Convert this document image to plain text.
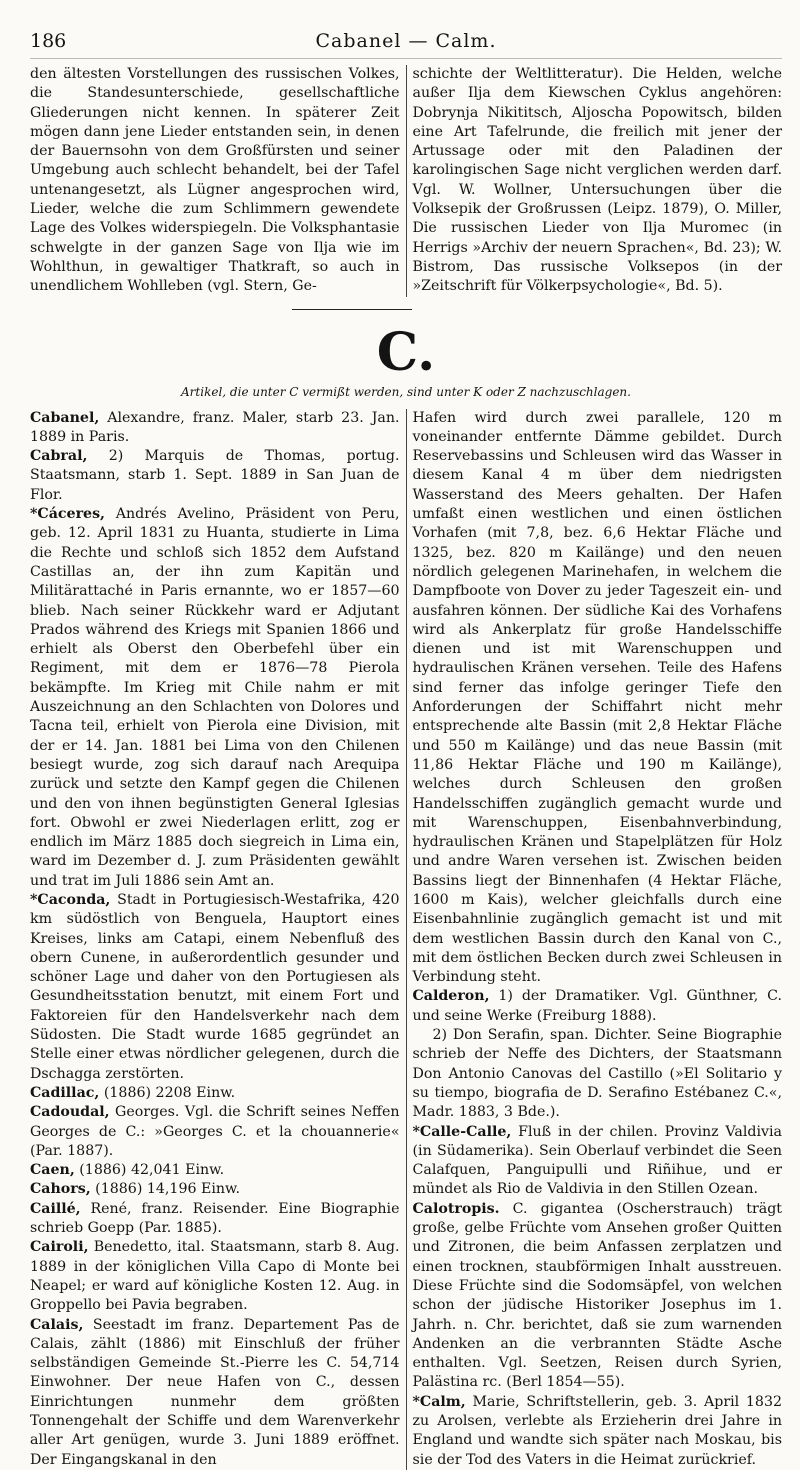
186	Cabanel — Calm.

den ältesten Vorstellungen des russischen Volkes, die Standesunterschiede, gesellschaftliche Gliederungen nicht kennen. In späterer Zeit mögen dann jene Lieder entstanden sein, in denen der Bauernsohn von dem Großfürsten und seiner Umgebung auch schlecht behandelt, bei der Tafel untenangesetzt, als Lügner angesprochen wird, Lieder, welche die zum Schlimmern gewendete Lage des Volkes widerspiegeln. Die Volksphantasie schwelgte in der ganzen Sage von Ilja wie im Wohlthun, in gewaltiger Thatkraft, so auch in unendlichem Wohlleben (vgl. Stern, Ge-

schichte der Weltlitteratur). Die Helden, welche außer Ilja dem Kiewschen Cyklus angehören: Dobrynja Nikititsch, Aljoscha Popowitsch, bilden eine Art Tafelrunde, die freilich mit jener der Artussage oder mit den Paladinen der karolingischen Sage nicht verglichen werden darf. Vgl. W. Wollner, Untersuchungen über die Volksepik der Großrussen (Leipz. 1879), O. Miller, Die russischen Lieder von Ilja Muromec (in Herrigs »Archiv der neuern Sprachen«, Bd. 23); W. Bistrom, Das russische Volksepos (in der »Zeitschrift für Völkerpsychologie«, Bd. 5).

C.
Artikel, die unter C vermißt werden, sind unter K oder Z nachzuschlagen.

Cabanel, Alexandre, franz. Maler, starb 23. Jan. 1889 in Paris.

Cabral, 2) Marquis de Thomas, portug. Staatsmann, starb 1. Sept. 1889 in San Juan de Flor.

*Cáceres, Andrés Avelino, Präsident von Peru, geb. 12. April 1831 zu Huanta, studierte in Lima die Rechte und schloß sich 1852 dem Aufstand Castillas an, der ihn zum Kapitän und Militärattaché in Paris ernannte, wo er 1857—60 blieb. Nach seiner Rückkehr ward er Adjutant Prados während des Kriegs mit Spanien 1866 und erhielt als Oberst den Oberbefehl über ein Regiment, mit dem er 1876—78 Pierola bekämpfte. Im Krieg mit Chile nahm er mit Auszeichnung an den Schlachten von Dolores und Tacna teil, erhielt von Pierola eine Division, mit der er 14. Jan. 1881 bei Lima von den Chilenen besiegt wurde, zog sich darauf nach Arequipa zurück und setzte den Kampf gegen die Chilenen und den von ihnen begünstigten General Iglesias fort. Obwohl er zwei Niederlagen erlitt, zog er endlich im März 1885 doch siegreich in Lima ein, ward im Dezember d. J. zum Präsidenten gewählt und trat im Juli 1886 sein Amt an.

*Caconda, Stadt in Portugiesisch-Westafrika, 420 km südöstlich von Benguela, Hauptort eines Kreises, links am Catapi, einem Nebenfluß des obern Cunene, in außerordentlich gesunder und schöner Lage und daher von den Portugiesen als Gesundheitsstation benutzt, mit einem Fort und Faktoreien für den Handelsverkehr nach dem Südosten. Die Stadt wurde 1685 gegründet an Stelle einer etwas nördlicher gelegenen, durch die Dschagga zerstörten.

Cadillac, (1886) 2208 Einw.

Cadoudal, Georges. Vgl. die Schrift seines Neffen Georges de C.: »Georges C. et la chouannerie« (Par. 1887).

Caen, (1886) 42,041 Einw.

Cahors, (1886) 14,196 Einw.

Caillé, René, franz. Reisender. Eine Biographie schrieb Goepp (Par. 1885).

Cairoli, Benedetto, ital. Staatsmann, starb 8. Aug. 1889 in der königlichen Villa Capo di Monte bei Neapel; er ward auf königliche Kosten 12. Aug. in Groppello bei Pavia begraben.

Calais, Seestadt im franz. Departement Pas de Calais, zählt (1886) mit Einschluß der früher selbständigen Gemeinde St.-Pierre les C. 54,714 Einwohner. Der neue Hafen von C., dessen Einrichtungen nunmehr dem größten Tonnengehalt der Schiffe und dem Warenverkehr aller Art genügen, wurde 3. Juni 1889 eröffnet. Der Eingangskanal in den

Hafen wird durch zwei parallele, 120 m voneinander entfernte Dämme gebildet. Durch Reservebassins und Schleusen wird das Wasser in diesem Kanal 4 m über dem niedrigsten Wasserstand des Meers gehalten. Der Hafen umfaßt einen westlichen und einen östlichen Vorhafen (mit 7,8, bez. 6,6 Hektar Fläche und 1325, bez. 820 m Kailänge) und den neuen nördlich gelegenen Marinehafen, in welchem die Dampfboote von Dover zu jeder Tageszeit ein- und ausfahren können. Der südliche Kai des Vorhafens wird als Ankerplatz für große Handelsschiffe dienen und ist mit Warenschuppen und hydraulischen Kränen versehen. Teile des Hafens sind ferner das infolge geringer Tiefe den Anforderungen der Schiffahrt nicht mehr entsprechende alte Bassin (mit 2,8 Hektar Fläche und 550 m Kailänge) und das neue Bassin (mit 11,86 Hektar Fläche und 190 m Kailänge), welches durch Schleusen den großen Handelsschiffen zugänglich gemacht wurde und mit Warenschuppen, Eisenbahnverbindung, hydraulischen Kränen und Stapelplätzen für Holz und andre Waren versehen ist. Zwischen beiden Bassins liegt der Binnenhafen (4 Hektar Fläche, 1600 m Kais), welcher gleichfalls durch eine Eisenbahnlinie zugänglich gemacht ist und mit dem westlichen Bassin durch den Kanal von C., mit dem östlichen Becken durch zwei Schleusen in Verbindung steht.

Calderon, 1) der Dramatiker. Vgl. Günthner, C. und seine Werke (Freiburg 1888).

2) Don Serafin, span. Dichter. Seine Biographie schrieb der Neffe des Dichters, der Staatsmann Don Antonio Canovas del Castillo (»El Solitario y su tiempo, biografia de D. Serafino Estébanez C.«, Madr. 1883, 3 Bde.).

*Calle-Calle, Fluß in der chilen. Provinz Valdivia (in Südamerika). Sein Oberlauf verbindet die Seen Calafquen, Panguipulli und Riñihue, und er mündet als Rio de Valdivia in den Stillen Ozean.

Calotropis. C. gigantea (Oscherstrauch) trägt große, gelbe Früchte vom Ansehen großer Quitten und Zitronen, die beim Anfassen zerplatzen und einen trocknen, staubförmigen Inhalt ausstreuen. Diese Früchte sind die Sodomsäpfel, von welchen schon der jüdische Historiker Josephus im 1. Jahrh. n. Chr. berichtet, daß sie zum warnenden Andenken an die verbrannten Städte Asche enthalten. Vgl. Seetzen, Reisen durch Syrien, Palästina rc. (Berl 1854—55).

*Calm, Marie, Schriftstellerin, geb. 3. April 1832 zu Arolsen, verlebte als Erzieherin drei Jahre in England und wandte sich später nach Moskau, bis sie der Tod des Vaters in die Heimat zurückrief.
